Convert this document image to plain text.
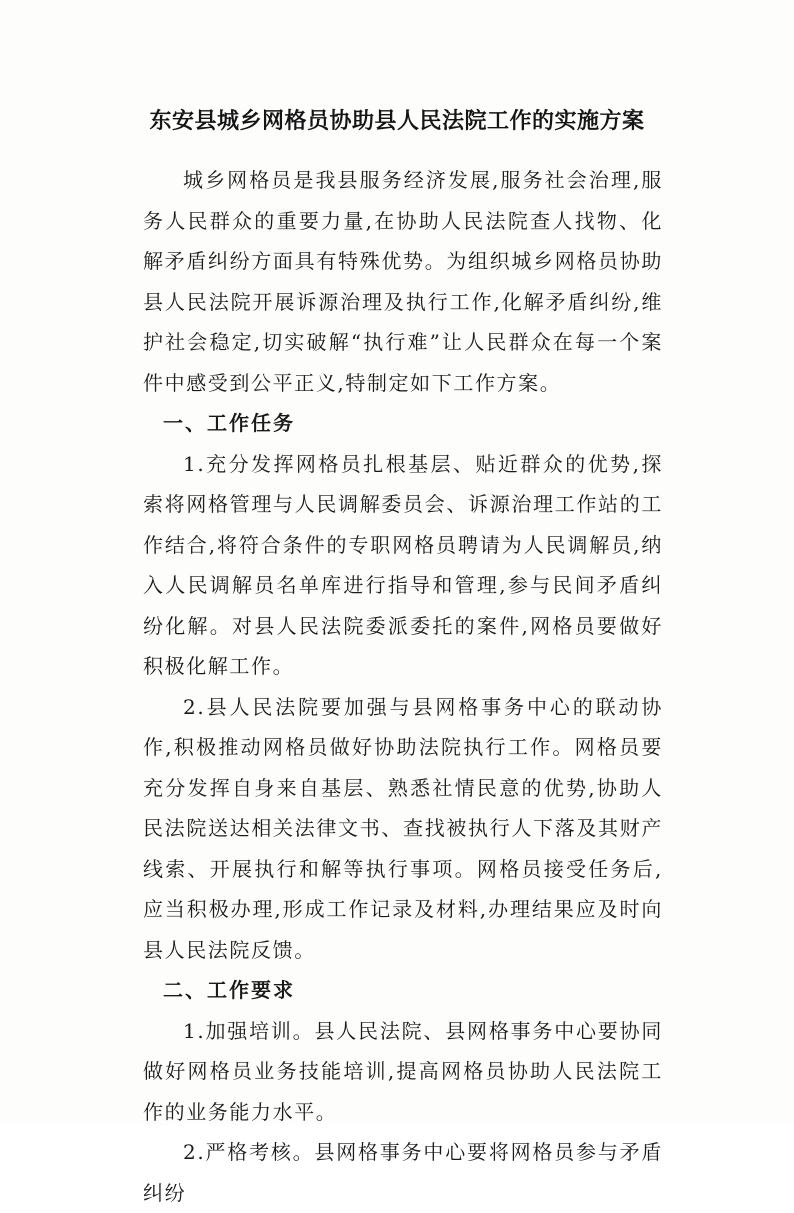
东安县城乡网格员协助县人民法院工作的实施方案

城乡网格员是我县服务经济发展,服务社会治理,服务人民群众的重要力量,在协助人民法院查人找物、化解矛盾纠纷方面具有特殊优势。为组织城乡网格员协助县人民法院开展诉源治理及执行工作,化解矛盾纠纷,维护社会稳定,切实破解“执行难”让人民群众在每一个案件中感受到公平正义,特制定如下工作方案。

一、工作任务

1.充分发挥网格员扎根基层、贴近群众的优势,探索将网格管理与人民调解委员会、诉源治理工作站的工作结合,将符合条件的专职网格员聘请为人民调解员,纳入人民调解员名单库进行指导和管理,参与民间矛盾纠纷化解。对县人民法院委派委托的案件,网格员要做好积极化解工作。

2.县人民法院要加强与县网格事务中心的联动协作,积极推动网格员做好协助法院执行工作。网格员要充分发挥自身来自基层、熟悉社情民意的优势,协助人民法院送达相关法律文书、查找被执行人下落及其财产线索、开展执行和解等执行事项。网格员接受任务后,应当积极办理,形成工作记录及材料,办理结果应及时向县人民法院反馈。

二、工作要求

1.加强培训。县人民法院、县网格事务中心要协同做好网格员业务技能培训,提高网格员协助人民法院工作的业务能力水平。

2.严格考核。县网格事务中心要将网格员参与矛盾纠纷
